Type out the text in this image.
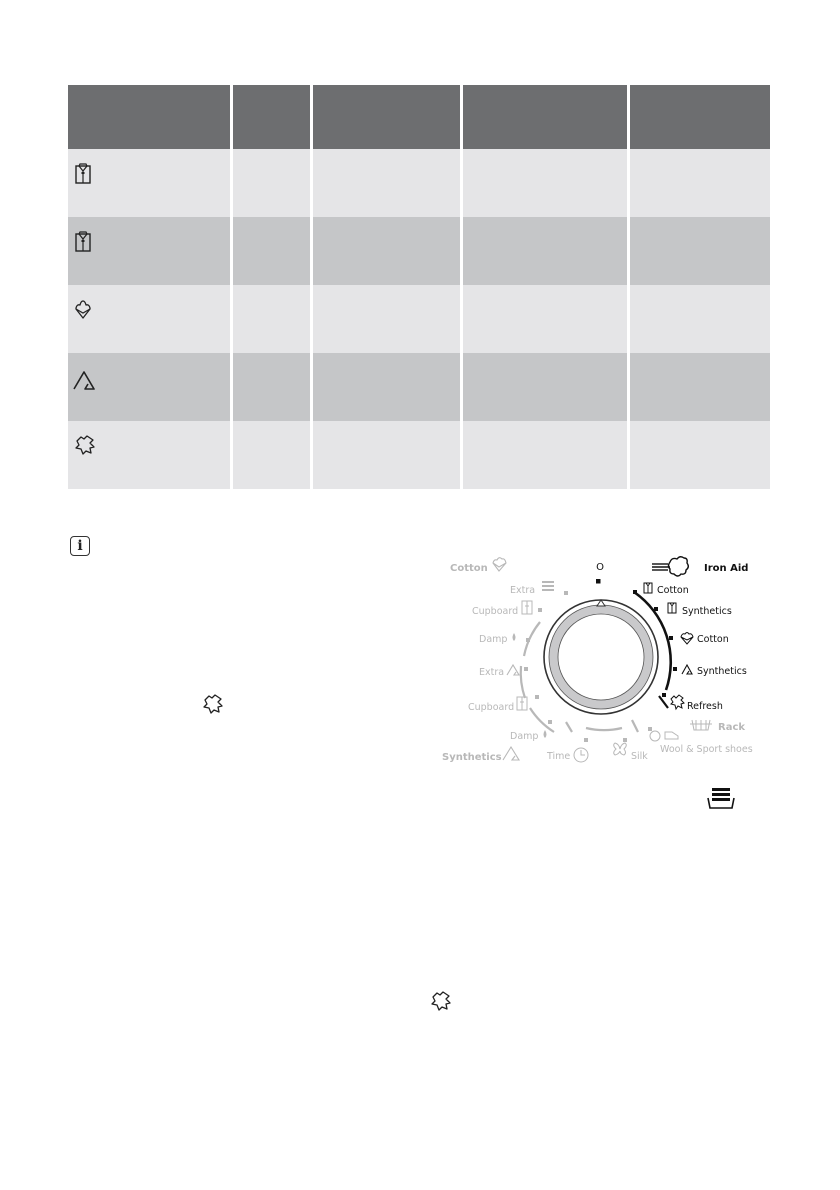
i
O	Iron Aid
Cotton
Synthetics
Cotton
Synthetics
Refresh
Rack
Wool & Sport shoes
Silk
Time
Damp
Synthetics
Cupboard
Extra
Damp
Cupboard
Extra
Cotton
